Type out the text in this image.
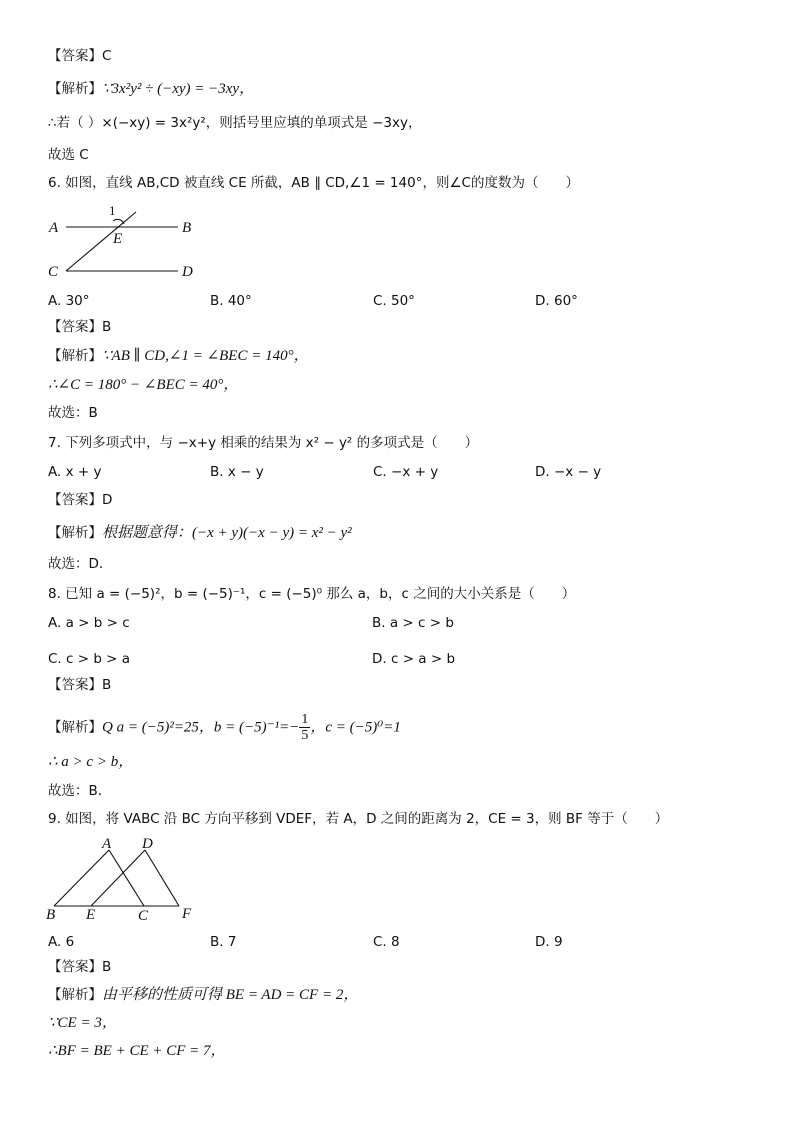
【答案】C
【解析】∵3x²y² ÷ (−xy) = −3xy，
∴若（ ）×(−xy) = 3x²y²，则括号里应填的单项式是 −3xy，
故选 C
6. 如图，直线 AB,CD 被直线 CE 所截，AB ∥ CD,∠1 = 140°，则∠C的度数为（　　）
A	B
C	D
E
1
A. 30°	B. 40°	C. 50°	D. 60°
【答案】B
【解析】∵AB ∥ CD,∠1 = ∠BEC = 140°，
∴∠C = 180° − ∠BEC = 40°，
故选：B
7. 下列多项式中，与 −x+y 相乘的结果为 x² − y² 的多项式是（　　）
A. x + y	B. x − y	C. −x + y	D. −x − y
【答案】D
【解析】根据题意得：(−x + y)(−x − y) = x² − y²
故选：D．
8. 已知 a = (−5)²，b = (−5)⁻¹，c = (−5)⁰ 那么 a，b，c 之间的大小关系是（　　）
A. a > b > c	B. a > c > b
C. c > b > a	D. c > a > b
【答案】B
【解析】Q a = (−5)²=25，$b = (-5)^{-1}=- \frac{1}{5}$ ，c = (−5)⁰=1
∴ a > c > b，
故选：B．
9. 如图，将 VABC 沿 BC 方向平移到 VDEF，若 A，D 之间的距离为 2，CE = 3，则 BF 等于（　　）
A D
B E	C F
A. 6	B. 7	C. 8	D. 9
【答案】B
【解析】由平移的性质可得 BE = AD = CF = 2，
∵CE = 3，
∴BF = BE + CE + CF = 7，
